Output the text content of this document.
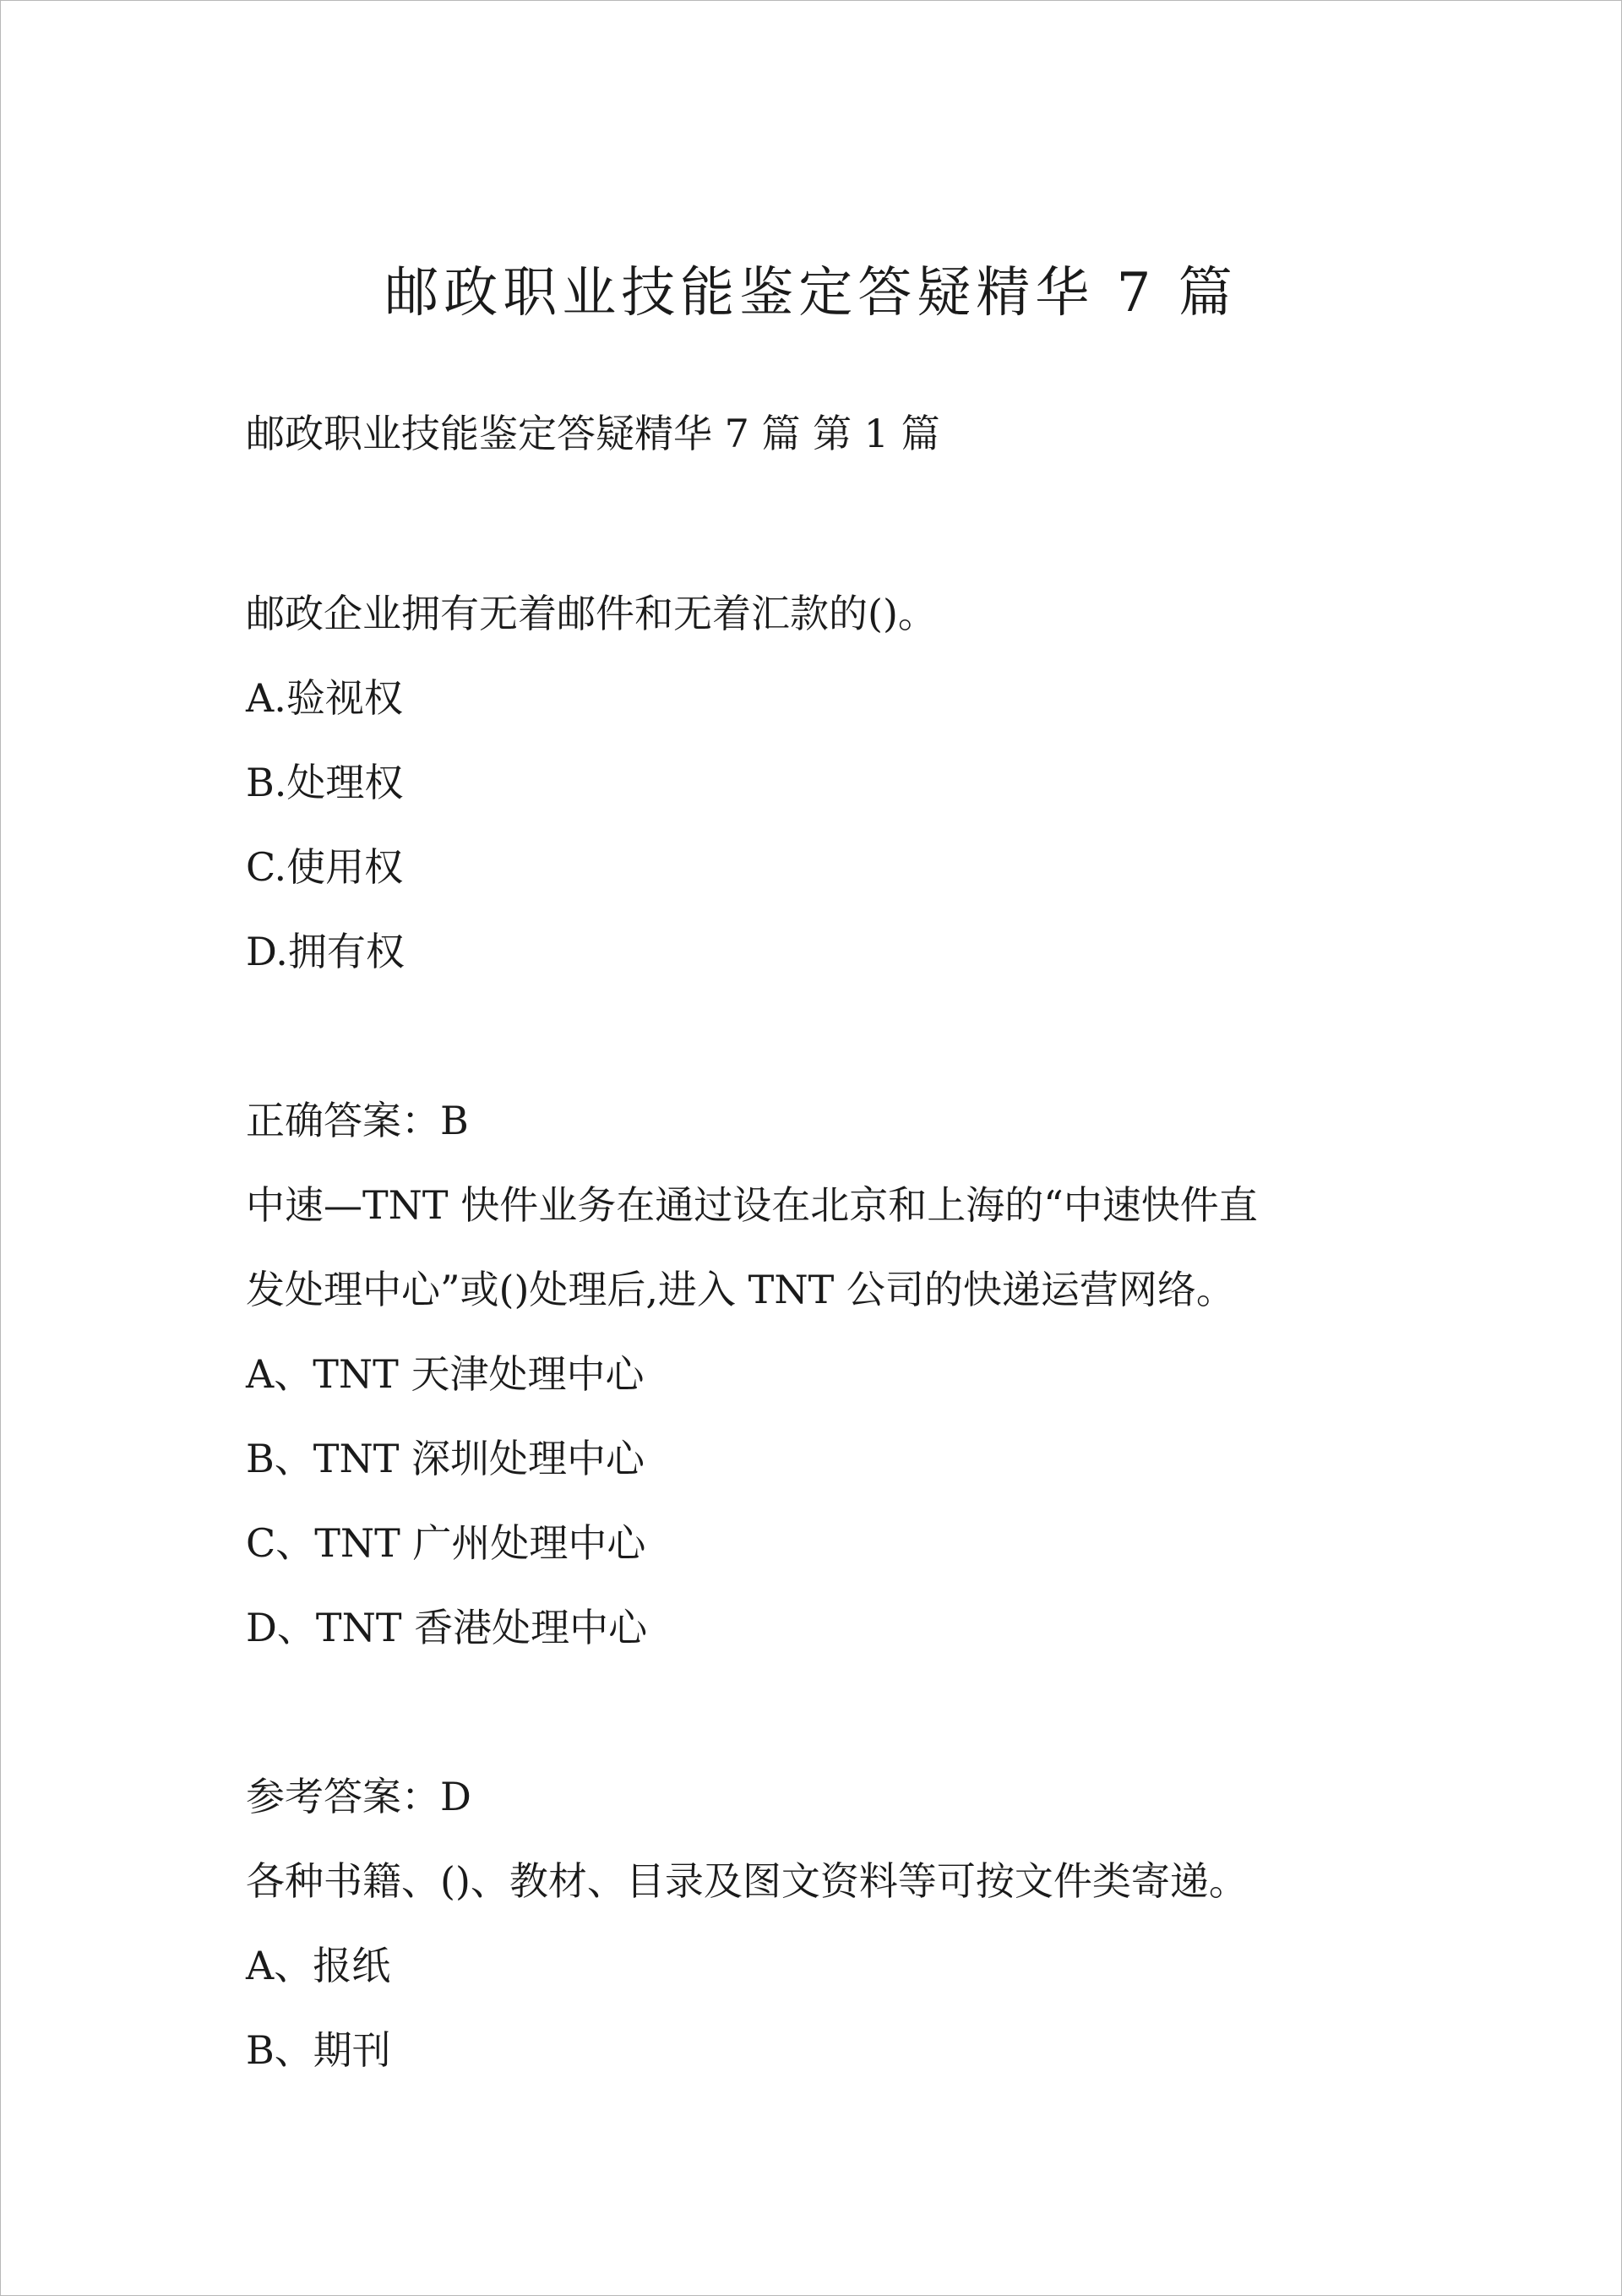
邮政职业技能鉴定答疑精华 7 篇

邮政职业技能鉴定答疑精华 7 篇 第 1 篇

邮政企业拥有无着邮件和无着汇款的()。

A.验视权

B.处理权

C.使用权

D.拥有权

正确答案：B

中速—TNT 快件业务在通过设在北京和上海的“中速快件直

发处理中心”或()处理后,进入 TNT 公司的快递运营网络。

A、TNT 天津处理中心

B、TNT 深圳处理中心

C、TNT 广州处理中心

D、TNT 香港处理中心

参考答案：D

各种书籍、()、教材、目录及图文资料等可按文件类寄递。

A、报纸

B、期刊
